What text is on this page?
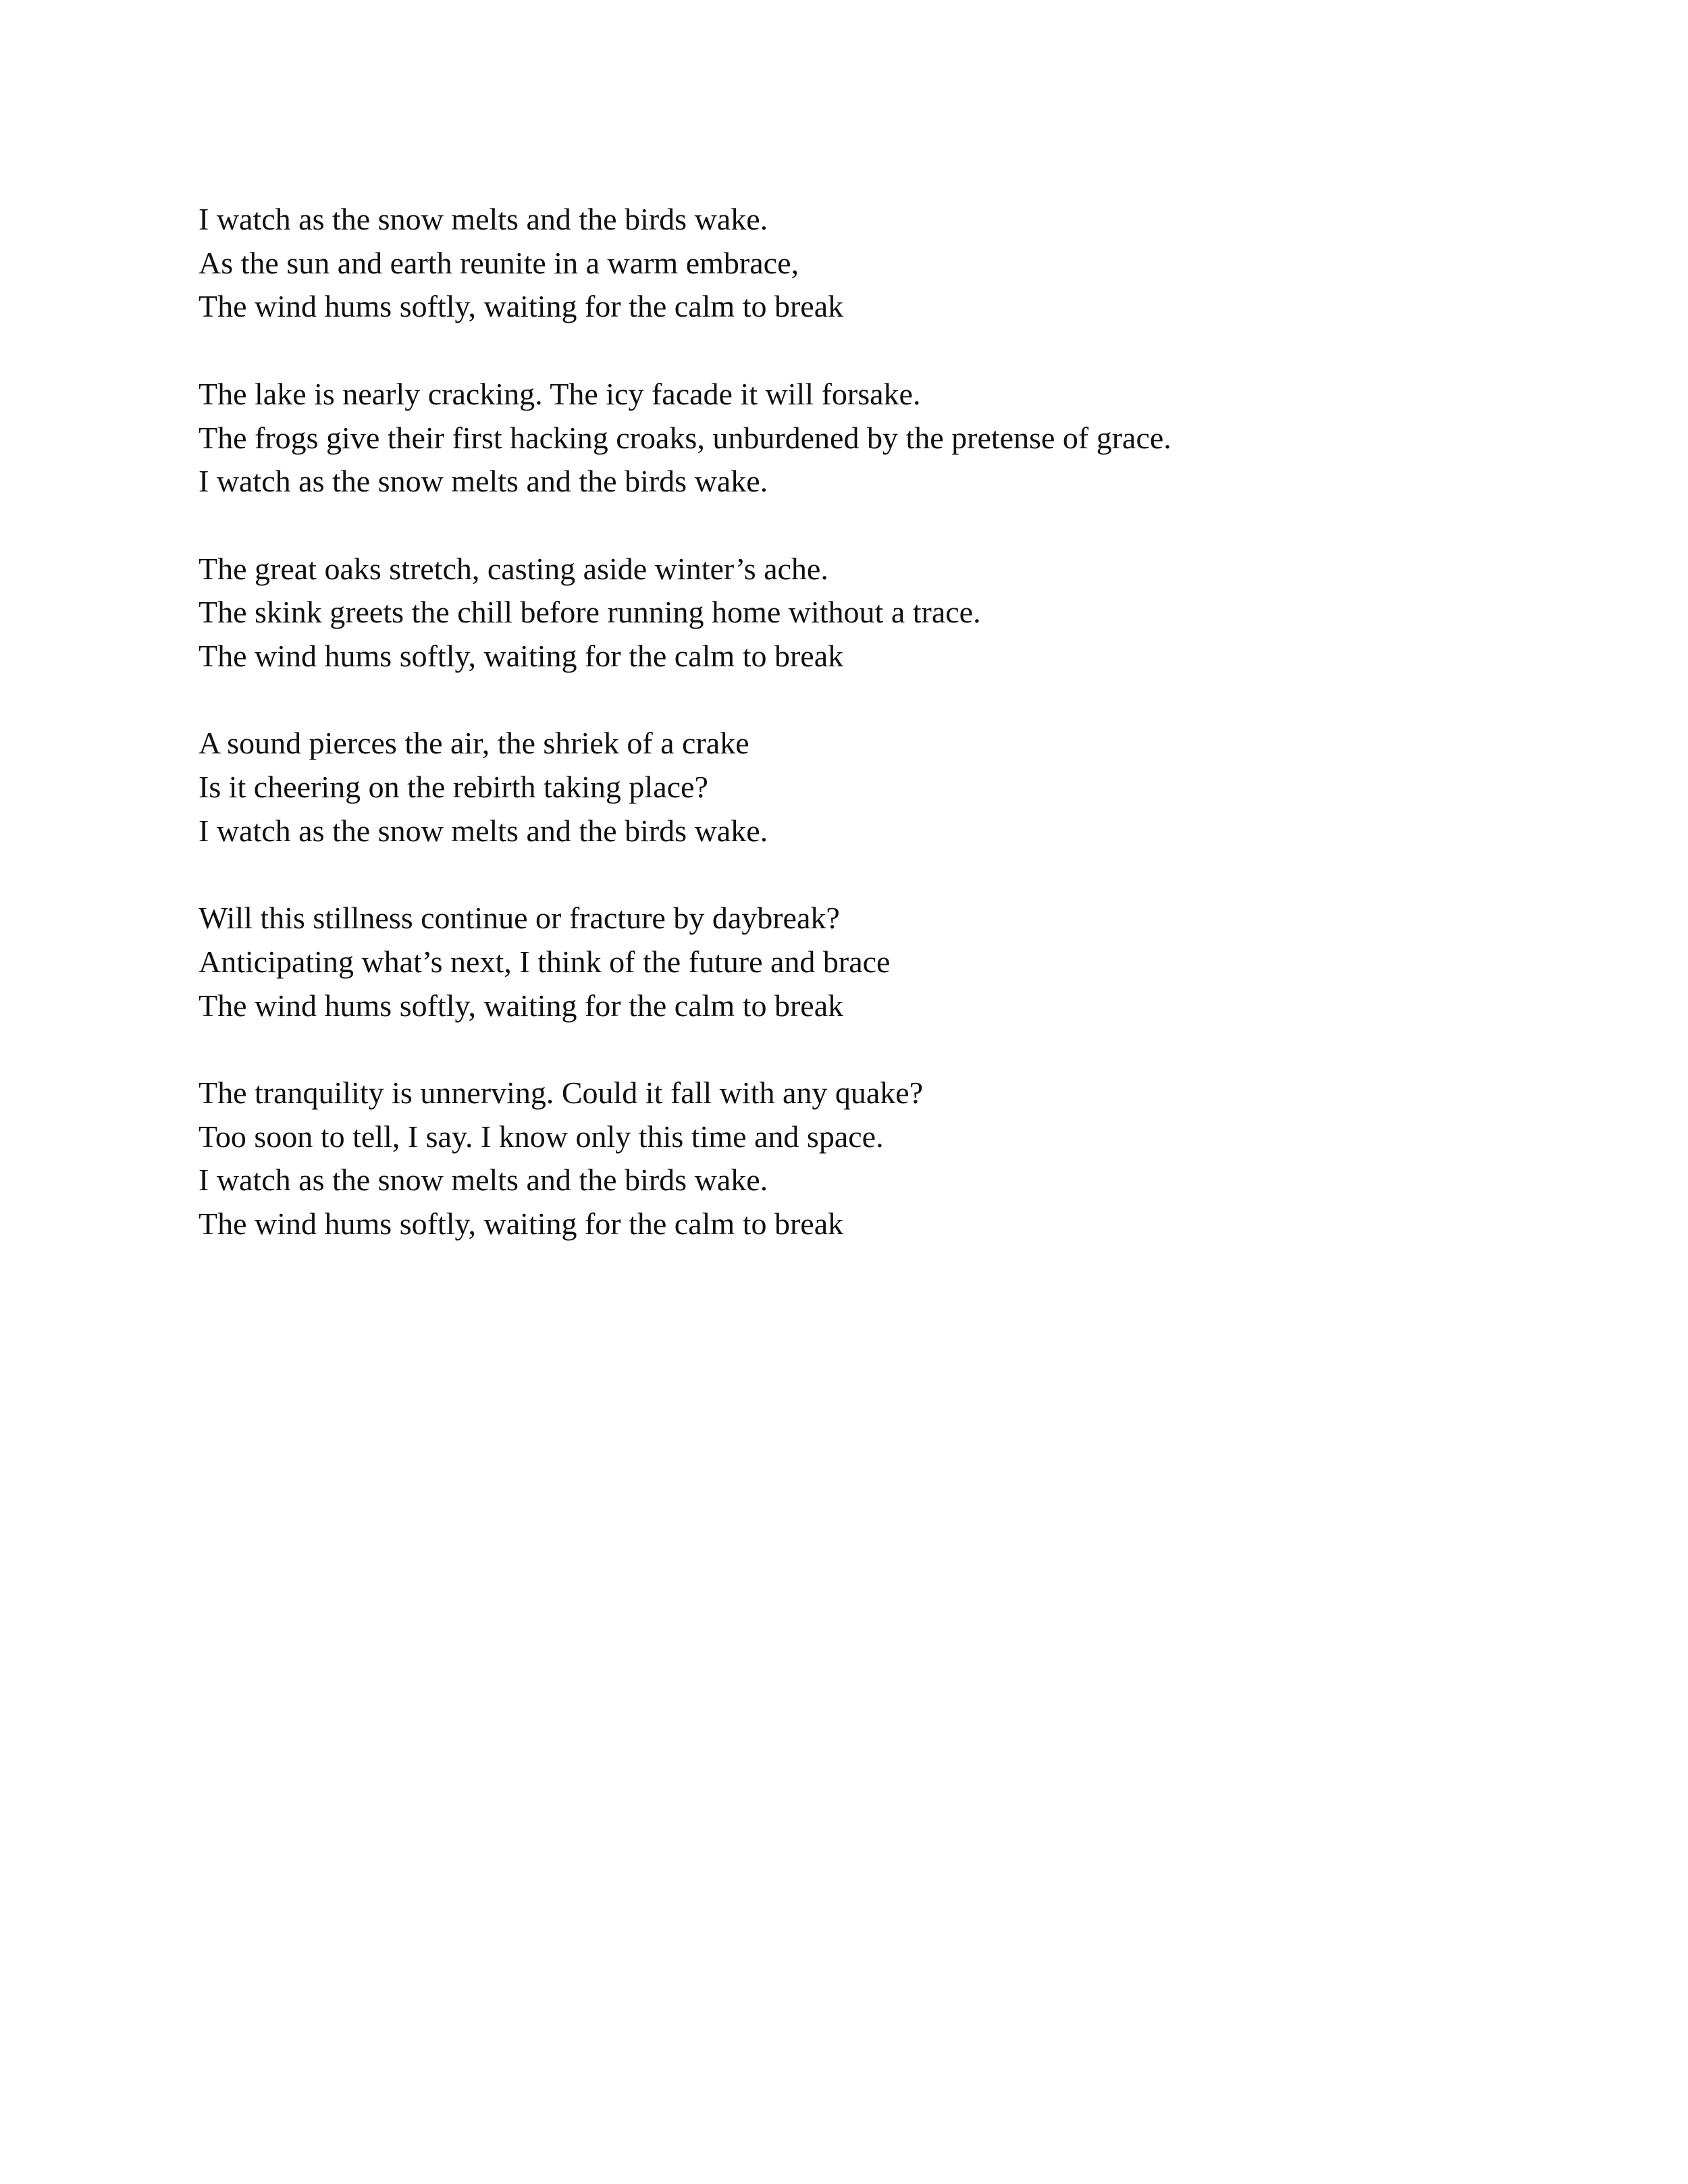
I watch as the snow melts and the birds wake.
As the sun and earth reunite in a warm embrace,
The wind hums softly, waiting for the calm to break
The lake is nearly cracking. The icy facade it will forsake.
The frogs give their first hacking croaks, unburdened by the pretense of grace.
I watch as the snow melts and the birds wake.
The great oaks stretch, casting aside winter’s ache.
The skink greets the chill before running home without a trace.
The wind hums softly, waiting for the calm to break
A sound pierces the air, the shriek of a crake
Is it cheering on the rebirth taking place?
I watch as the snow melts and the birds wake.
Will this stillness continue or fracture by daybreak?
Anticipating what’s next, I think of the future and brace
The wind hums softly, waiting for the calm to break
The tranquility is unnerving. Could it fall with any quake?
Too soon to tell, I say. I know only this time and space.
I watch as the snow melts and the birds wake.
The wind hums softly, waiting for the calm to break
